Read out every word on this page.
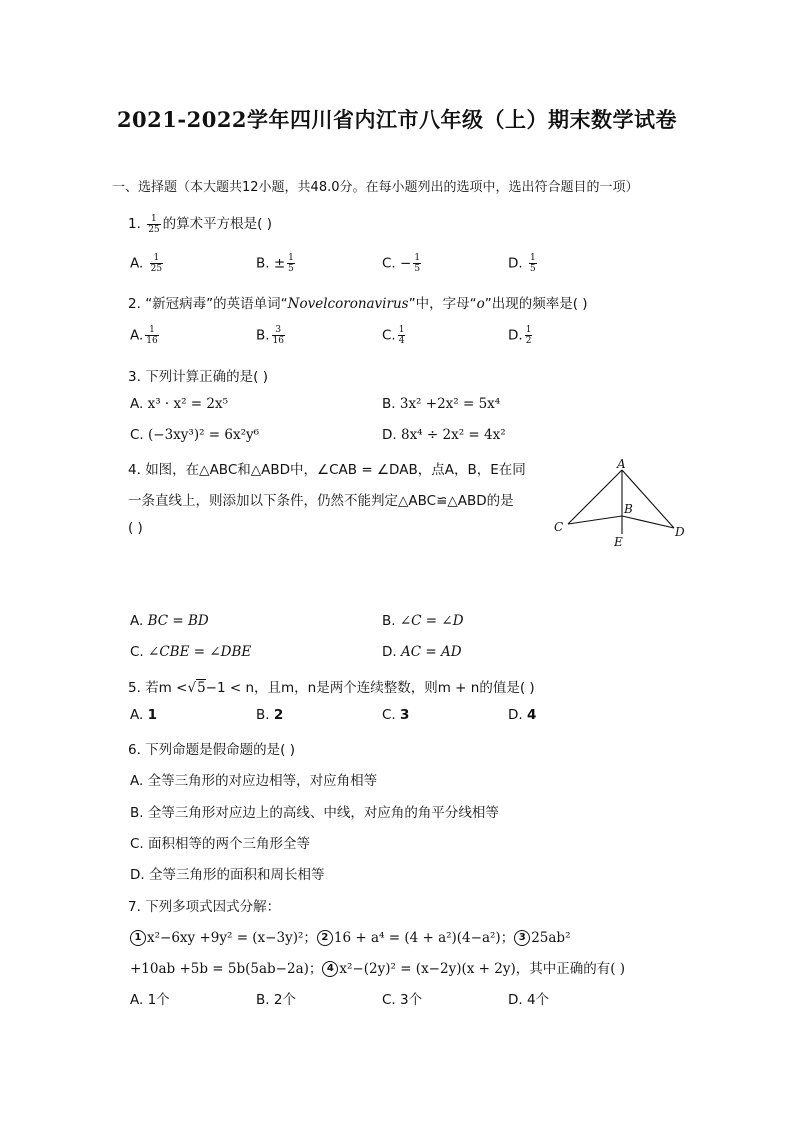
2021-2022学年四川省内江市八年级（上）期末数学试卷
一、选择题（本大题共12小题，共48.0分。在每小题列出的选项中，选出符合题目的一项）
1. $\frac{1}{25}$ 的算术平方根是( )
A. $\frac{1}{25}$	B. ± $\frac{1}{5}$	C. − $\frac{1}{5}$	D. $\frac{1}{5}$
2. “新冠病毒”的英语单词“Novelcoronavirus”中，字母“o”出现的频率是( )
A. $\frac{1}{16}$	B. $\frac{3}{16}$	C. $\frac{1}{4}$	D. $\frac{1}{2}$
3. 下列计算正确的是( )
A. x³ · x² = 2x⁵	B. 3x² +2x² = 5x⁴
C. (−3xy³)² = 6x²y⁶	D. 8x⁴ ÷ 2x² = 4x²
4. 如图，在△ABC和△ABD中，∠CAB = ∠DAB，点A，B，E在同
一条直线上，则添加以下条件，仍然不能判定△ABC≌△ABD的是
( )
A
B
C	D
E
A. BC = BD	B. ∠C = ∠D
C. ∠CBE = ∠DBE	D. AC = AD
5. 若m <√5−1 < n，且m，n是两个连续整数，则m + n的值是( )
A. 1	B. 2	C. 3	D. 4
6. 下列命题是假命题的是( )
A. 全等三角形的对应边相等，对应角相等
B. 全等三角形对应边上的高线、中线，对应角的角平分线相等
C. 面积相等的两个三角形全等
D. 全等三角形的面积和周长相等
7. 下列多项式因式分解：
1 x²−6xy +9y² = (x−3y)²； 2 16 + a⁴ = (4 + a²)(4−a²)； 3 25ab²
+10ab +5b = 5b(5ab−2a)； 4 x²−(2y)² = (x−2y)(x + 2y)，其中正确的有( )
A. 1个	B. 2个	C. 3个	D. 4个
